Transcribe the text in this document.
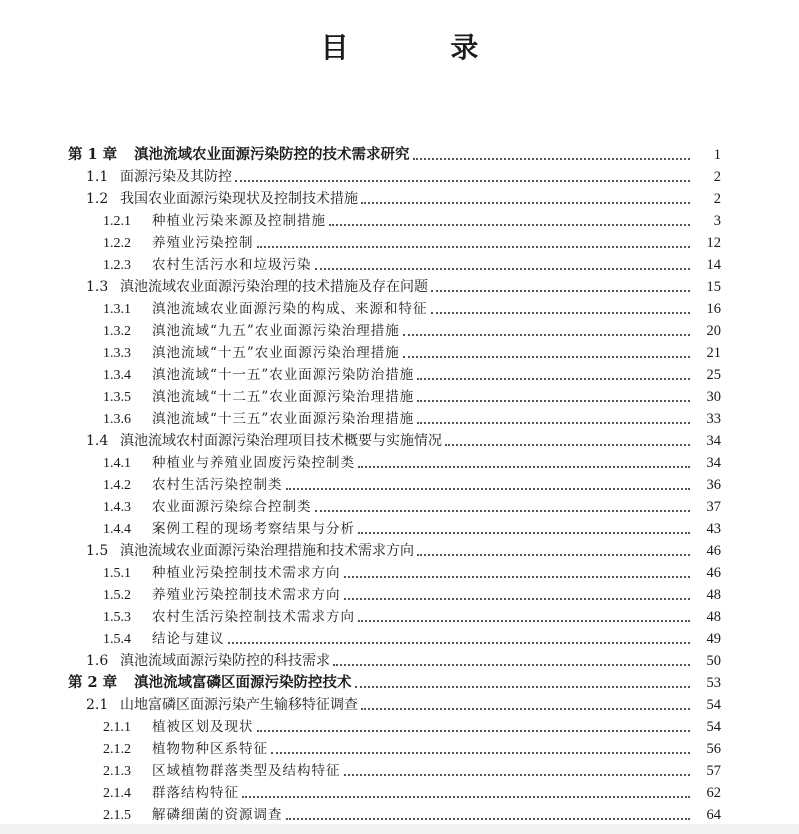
目 录
第 1 章	滇池流域农业面源污染防控的技术需求研究	1
1.1 面源污染及其防控	2
1.2 我国农业面源污染现状及控制技术措施	2
1.2.1	种植业污染来源及控制措施	3
1.2.2	养殖业污染控制	12
1.2.3	农村生活污水和垃圾污染	14
1.3 滇池流域农业面源污染治理的技术措施及存在问题	15
1.3.1	滇池流域农业面源污染的构成、来源和特征	16
1.3.2	滇池流域“九五”农业面源污染治理措施	20
1.3.3	滇池流域“十五”农业面源污染治理措施	21
1.3.4	滇池流域“十一五”农业面源污染防治措施	25
1.3.5	滇池流域“十二五”农业面源污染治理措施	30
1.3.6	滇池流域“十三五”农业面源污染治理措施	33
1.4 滇池流域农村面源污染治理项目技术概要与实施情况	34
1.4.1	种植业与养殖业固废污染控制类	34
1.4.2	农村生活污染控制类	36
1.4.3	农业面源污染综合控制类	37
1.4.4	案例工程的现场考察结果与分析	43
1.5 滇池流域农业面源污染治理措施和技术需求方向	46
1.5.1	种植业污染控制技术需求方向	46
1.5.2	养殖业污染控制技术需求方向	48
1.5.3	农村生活污染控制技术需求方向	48
1.5.4	结论与建议	49
1.6 滇池流域面源污染防控的科技需求	50
第 2 章	滇池流域富磷区面源污染防控技术	53
2.1 山地富磷区面源污染产生输移特征调查	54
2.1.1	植被区划及现状	54
2.1.2	植物物种区系特征	56
2.1.3	区域植物群落类型及结构特征	57
2.1.4	群落结构特征	62
2.1.5	解磷细菌的资源调查	64
